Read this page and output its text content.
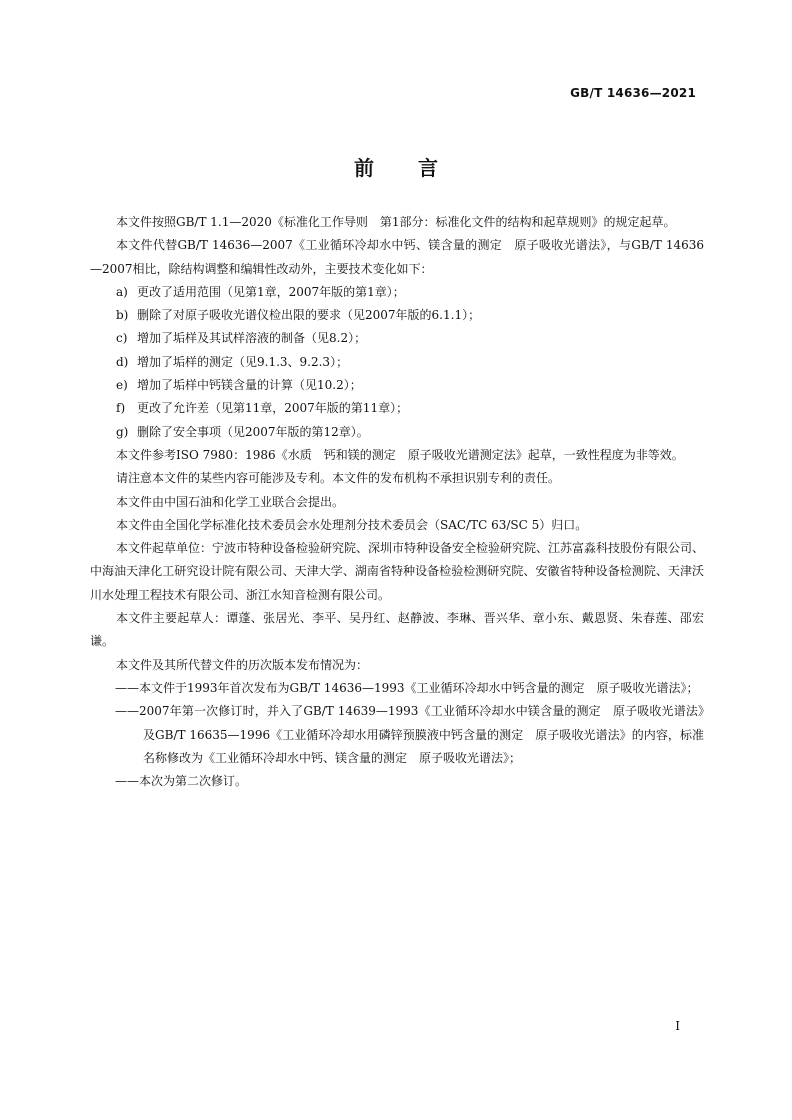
GB/T 14636—2021
前言

本文件按照GB/T 1.1—2020《标准化工作导则　第1部分：标准化文件的结构和起草规则》的规定起草。

本文件代替GB/T 14636—2007《工业循环冷却水中钙、镁含量的测定　原子吸收光谱法》，与GB/T 14636—2007相比，除结构调整和编辑性改动外，主要技术变化如下：

a) 更改了适用范围（见第1章，2007年版的第1章）；

b) 删除了对原子吸收光谱仪检出限的要求（见2007年版的6.1.1）；

c) 增加了垢样及其试样溶液的制备（见8.2）；

d) 增加了垢样的测定（见9.1.3、9.2.3）；

e) 增加了垢样中钙镁含量的计算（见10.2）；

f) 更改了允许差（见第11章，2007年版的第11章）；

g) 删除了安全事项（见2007年版的第12章）。

本文件参考ISO 7980：1986《水质　钙和镁的测定　原子吸收光谱测定法》起草，一致性程度为非等效。

请注意本文件的某些内容可能涉及专利。本文件的发布机构不承担识别专利的责任。

本文件由中国石油和化学工业联合会提出。

本文件由全国化学标准化技术委员会水处理剂分技术委员会（SAC/TC 63/SC 5）归口。

本文件起草单位：宁波市特种设备检验研究院、深圳市特种设备安全检验研究院、江苏富淼科技股份有限公司、中海油天津化工研究设计院有限公司、天津大学、湖南省特种设备检验检测研究院、安徽省特种设备检测院、天津沃川水处理工程技术有限公司、浙江水知音检测有限公司。

本文件主要起草人：谭蓬、张居光、李平、吴丹红、赵静波、李琳、晋兴华、章小东、戴恩贤、朱春莲、邵宏谦。

本文件及其所代替文件的历次版本发布情况为：

——本文件于1993年首次发布为GB/T 14636—1993《工业循环冷却水中钙含量的测定　原子吸收光谱法》；

——2007年第一次修订时，并入了GB/T 14639—1993《工业循环冷却水中镁含量的测定　原子吸收光谱法》及GB/T 16635—1996《工业循环冷却水用磷锌预膜液中钙含量的测定　原子吸收光谱法》的内容，标准名称修改为《工业循环冷却水中钙、镁含量的测定　原子吸收光谱法》；

——本次为第二次修订。

I
